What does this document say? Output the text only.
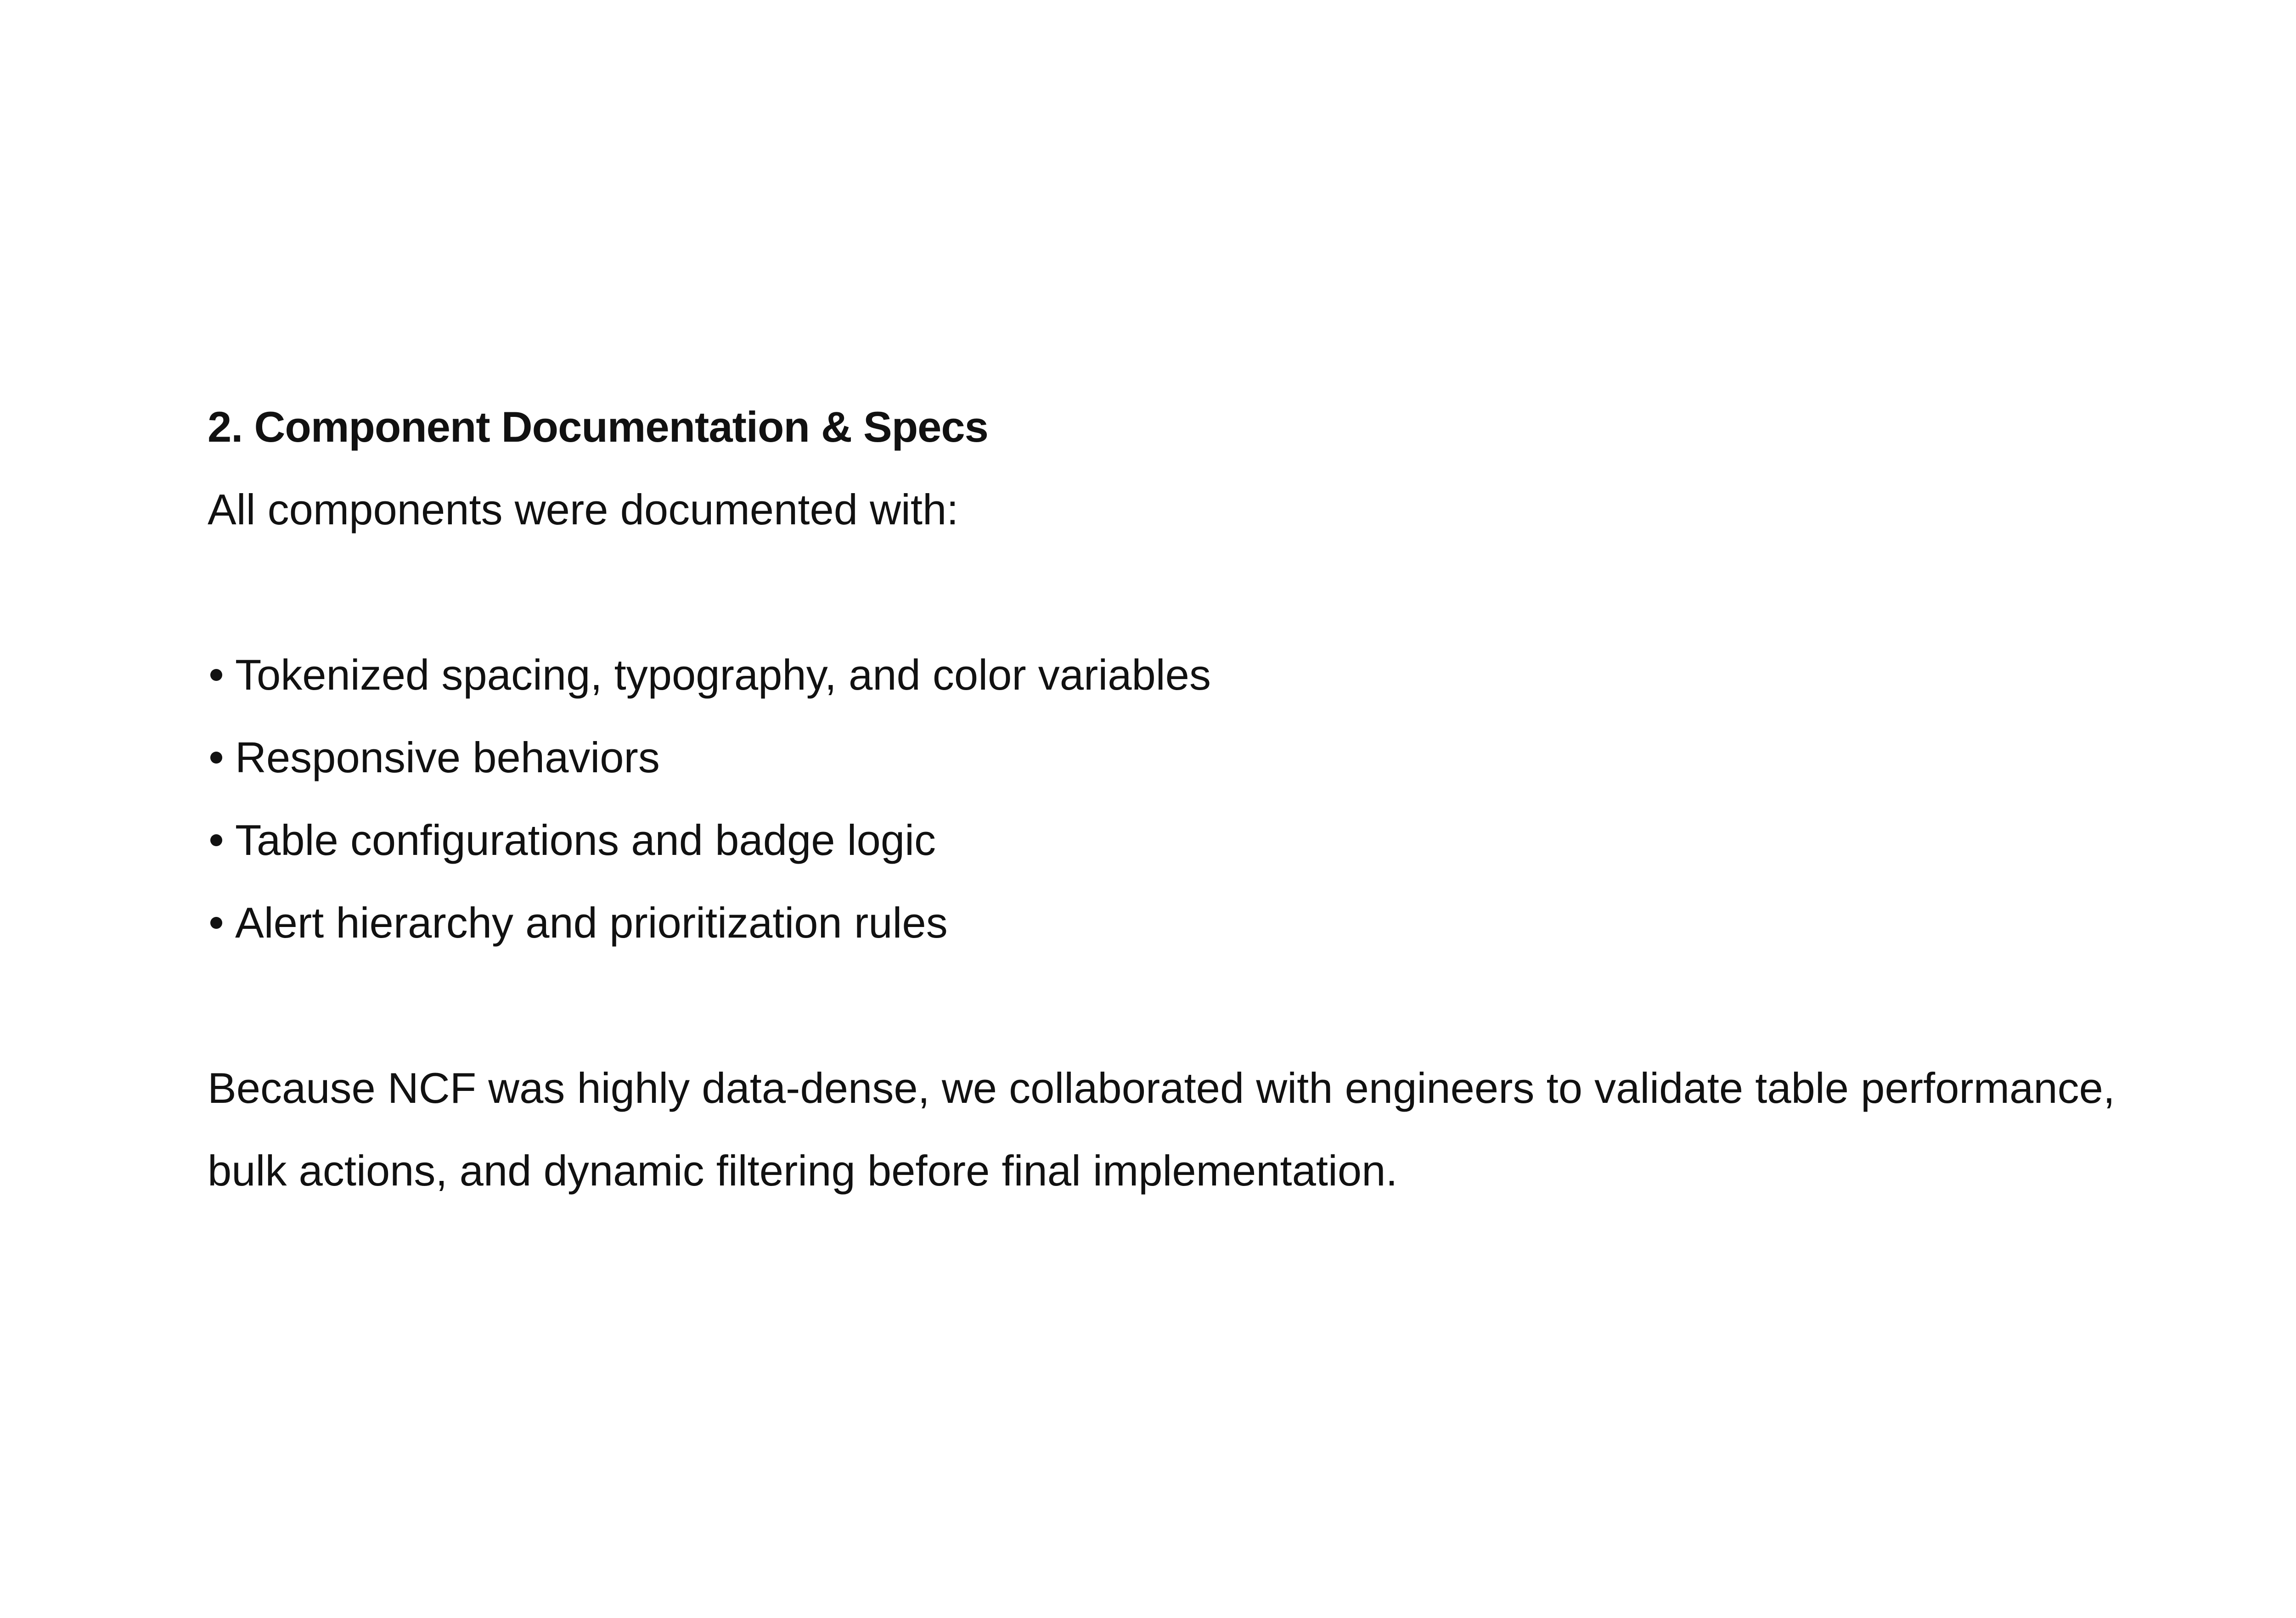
2. Component Documentation & Specs

All components were documented with:

Tokenized spacing, typography, and color variables
Responsive behaviors
Table configurations and badge logic
Alert hierarchy and prioritization rules

Because NCF was highly data-dense, we collaborated with engineers to validate table performance,
bulk actions, and dynamic filtering before final implementation.
